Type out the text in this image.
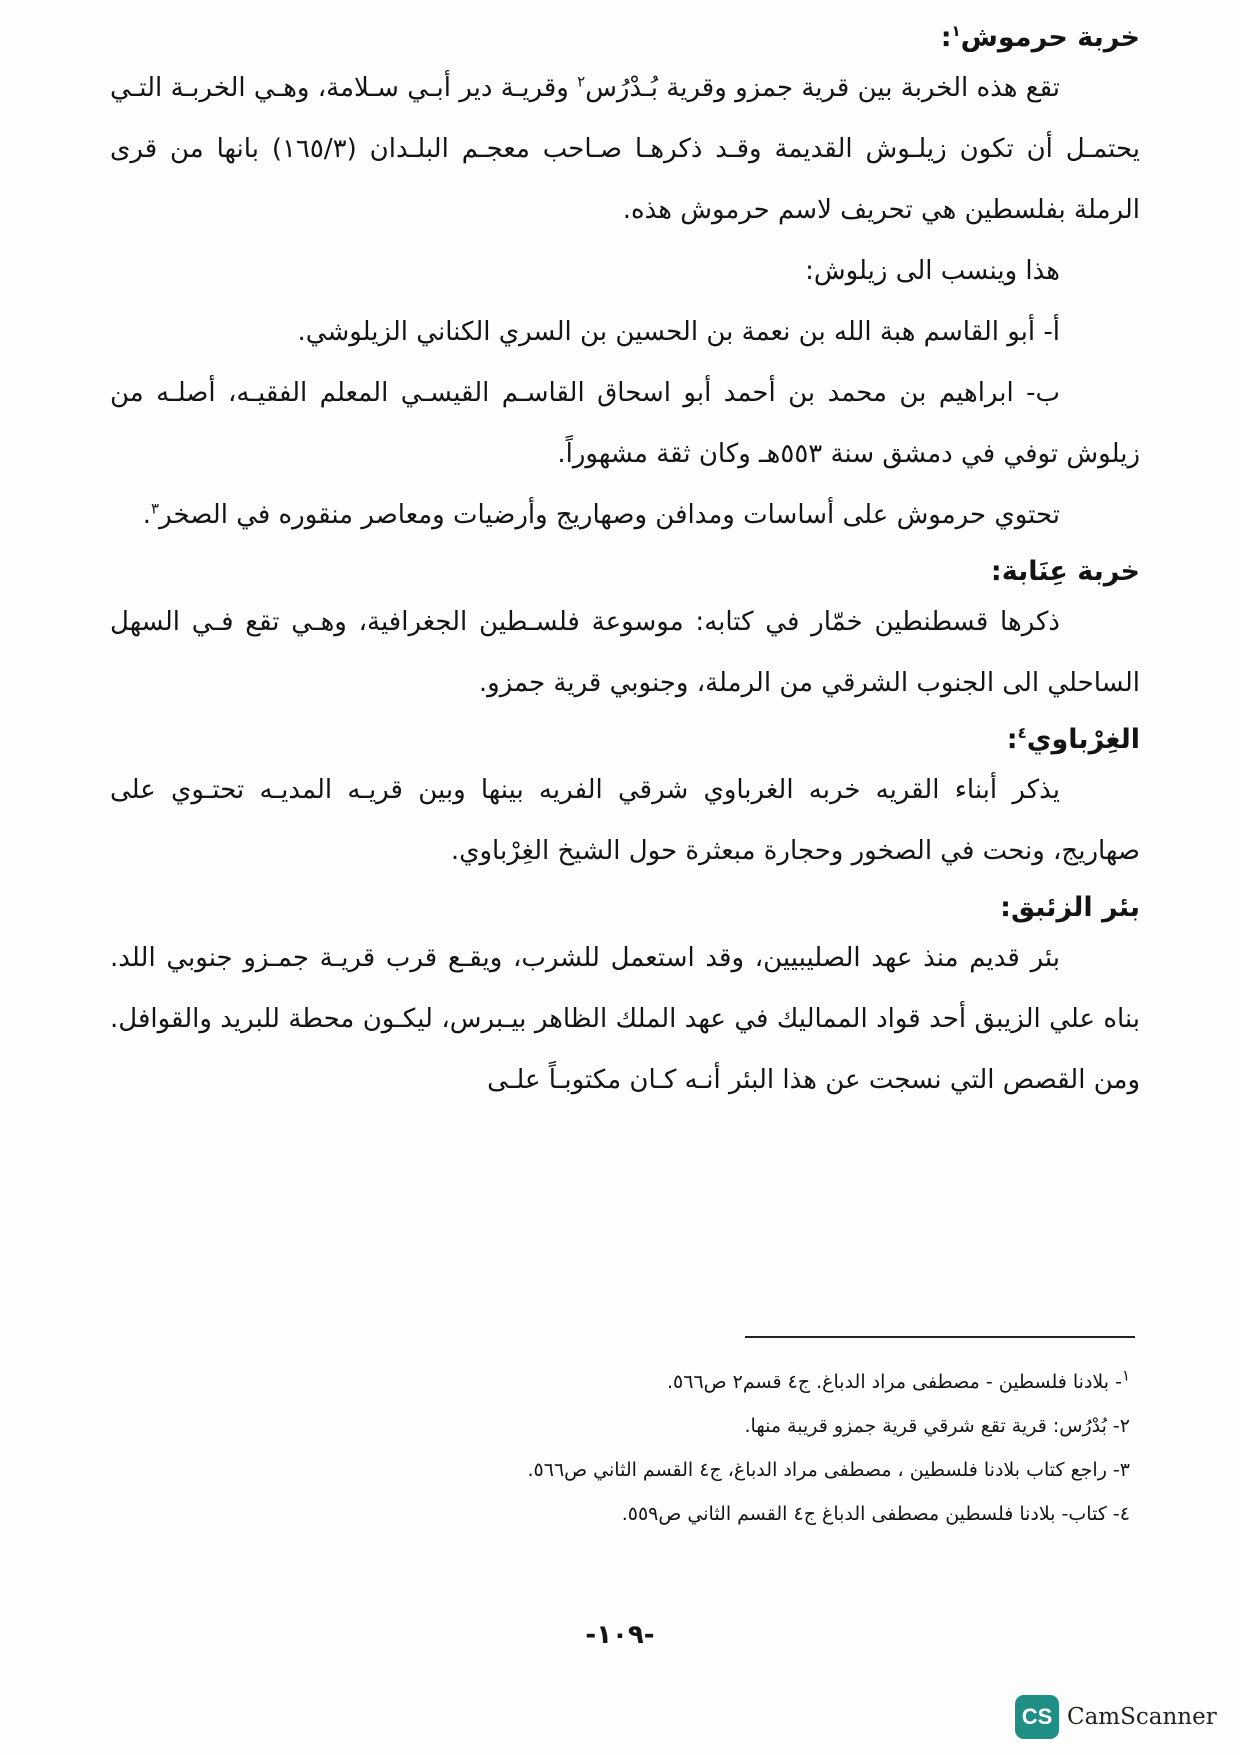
خربة حرموش$^١$:

تقع هذه الخربة بين قرية جمزو وقرية بُـدْرُس$^٢$ وقريـة دير أبـي سـلامة، وهـي الخربـة التـي يحتمـل أن تكون زيلـوش القديمة وقـد ذكرهـا صـاحب معجـم البلـدان (١٦٥/٣) بانها من قرى الرملة بفلسطين هي تحريف لاسم حرموش هذه.

هذا وينسب الى زيلوش:

أ- أبو القاسم هبة الله بن نعمة بن الحسين بن السري الكناني الزيلوشي.

ب- ابراهيم بن محمد بن أحمد أبو اسحاق القاسـم القيسـي المعلم الفقيـه، أصلـه من زيلوش توفي في دمشق سنة ٥٥٣هـ وكان ثقة مشهوراً.

تحتوي حرموش على أساسات ومدافن وصهاريج وأرضيات ومعاصر منقوره في الصخر$^٣$.

خربة عِنَابة:

ذكرها قسطنطين خمّار في كتابه: موسوعة فلسـطين الجغرافية، وهـي تقع فـي السهل الساحلي الى الجنوب الشرقي من الرملة، وجنوبي قرية جمزو.

الغِرْباوي$^٤$:

يذكر أبناء القريه خربه الغرباوي شرقي الفريه بينها وبين قريـه المديـه تحتـوي على صهاريج، ونحت في الصخور وحجارة مبعثرة حول الشيخ الغِرْباوي.

بئر الزئبق:

بئر قديم منذ عهد الصليبيين، وقد استعمل للشرب، ويقـع قرب قريـة جمـزو جنوبي اللد. بناه علي الزيبق أحد قواد المماليك في عهد الملك الظاهر بيـبرس، ليكـون محطة للبريد والقوافل. ومن القصص التي نسجت عن هذا البئر أنـه كـان مكتوبـاً علـى

$^١$- بلادنا فلسطين - مصطفى مراد الدباغ. ج٤ قسم٢ ص٥٦٦.

٢- بُدْرُس: قرية تقع شرقي قرية جمزو قريبة منها.

٣- راجع كتاب بلادنا فلسطين ، مصطفى مراد الدباغ، ج٤ القسم الثاني ص٥٦٦.

٤- كتاب- بلادنا فلسطين مصطفى الدباغ ج٤ القسم الثاني ص٥٥٩.

-١٠٩-
CS CamScanner
